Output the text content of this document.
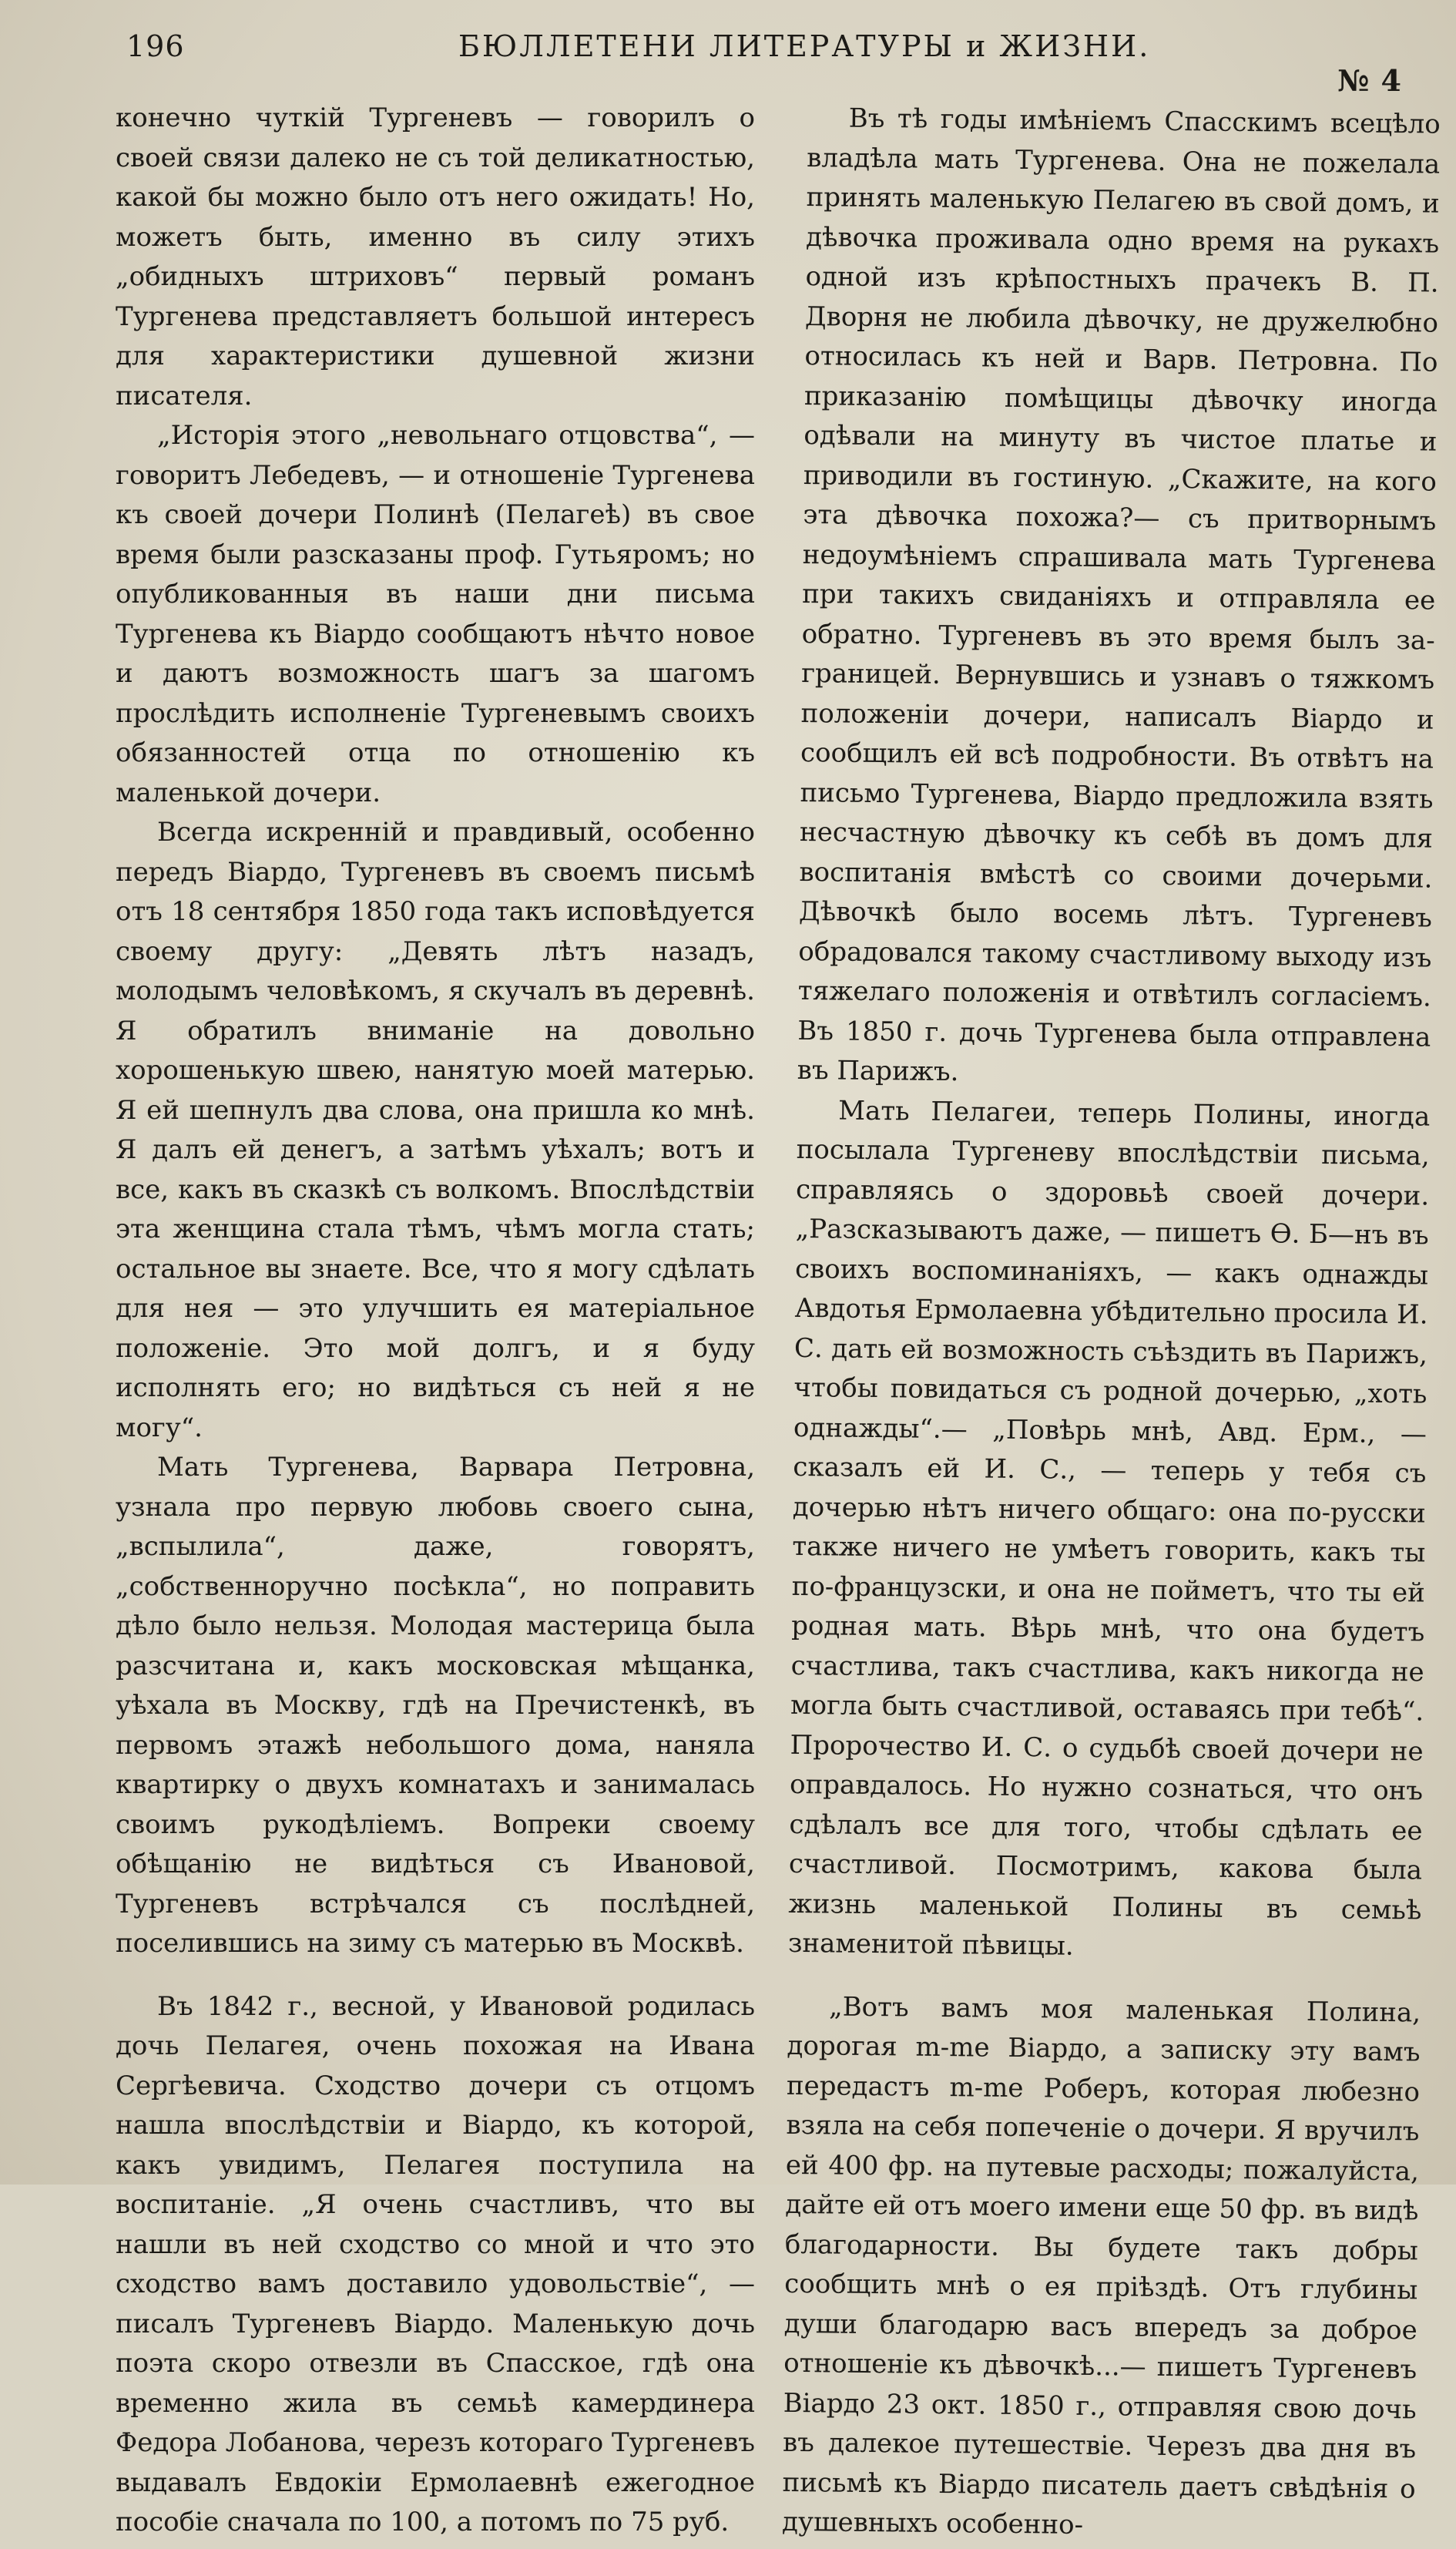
196	БЮЛЛЕТЕНИ ЛИТЕРАТУРЫ и ЖИЗНИ.
№ 4

конечно чуткій Тургеневъ — говорилъ о своей связи далеко не съ той деликатностью, какой бы можно было отъ него ожидать! Но, можетъ быть, именно въ силу этихъ „обидныхъ штриховъ“ первый романъ Тургенева представляетъ большой интересъ для характеристики душевной жизни писателя.

„Исторія этого „невольнаго отцовства“, — говоритъ Лебедевъ, — и отношеніе Тургенева къ своей дочери Полинѣ (Пелагеѣ) въ свое время были разсказаны проф. Гутьяромъ; но опубликованныя въ наши дни письма Тургенева къ Віардо сообщаютъ нѣчто новое и даютъ возможность шагъ за шагомъ прослѣдить исполненіе Тургеневымъ своихъ обязанностей отца по отношенію къ маленькой дочери.

Всегда искренній и правдивый, особенно передъ Віардо, Тургеневъ въ своемъ письмѣ отъ 18 сентября 1850 года такъ исповѣдуется своему другу: „Девять лѣтъ назадъ, молодымъ человѣкомъ, я скучалъ въ деревнѣ. Я обратилъ вниманіе на довольно хорошенькую швею, нанятую моей матерью. Я ей шепнулъ два слова, она пришла ко мнѣ. Я далъ ей денегъ, а затѣмъ уѣхалъ; вотъ и все, какъ въ сказкѣ съ волкомъ. Впослѣдствіи эта женщина стала тѣмъ, чѣмъ могла стать; остальное вы знаете. Все, что я могу сдѣлать для нея — это улучшить ея матеріальное положеніе. Это мой долгъ, и я буду исполнять его; но видѣться съ ней я не могу“.

Мать Тургенева, Варвара Петровна, узнала про первую любовь своего сына, „вспылила“, даже, говорятъ, „собственноручно посѣкла“, но поправить дѣло было нельзя. Молодая мастерица была разсчитана и, какъ московская мѣщанка, уѣхала въ Москву, гдѣ на Пречистенкѣ, въ первомъ этажѣ небольшого дома, наняла квартирку о двухъ комнатахъ и занималась своимъ рукодѣліемъ. Вопреки своему обѣщанію не видѣться съ Ивановой, Тургеневъ встрѣчался съ послѣдней, поселившись на зиму съ матерью въ Москвѣ.

Въ 1842 г., весной, у Ивановой родилась дочь Пелагея, очень похожая на Ивана Сергѣевича. Сходство дочери съ отцомъ нашла впослѣдствіи и Віардо, къ которой, какъ увидимъ, Пелагея поступила на воспитаніе. „Я очень счастливъ, что вы нашли въ ней сходство со мной и что это сходство вамъ доставило удовольствіе“, — писалъ Тургеневъ Віардо. Маленькую дочь поэта скоро отвезли въ Спасское, гдѣ она временно жила въ семьѣ камердинера Федора Лобанова, черезъ котораго Тургеневъ выдавалъ Евдокіи Ермолаевнѣ ежегодное пособіе сначала по 100, а потомъ по 75 руб.

Въ тѣ годы имѣніемъ Спасскимъ всецѣло владѣла мать Тургенева. Она не пожелала принять маленькую Пелагею въ свой домъ, и дѣвочка проживала одно время на рукахъ одной изъ крѣпостныхъ прачекъ В. П. Дворня не любила дѣвочку, не дружелюбно относилась къ ней и Варв. Петровна. По приказанію помѣщицы дѣвочку иногда одѣвали на минуту въ чистое платье и приводили въ гостиную. „Скажите, на кого эта дѣвочка похожа?— съ притворнымъ недоумѣніемъ спрашивала мать Тургенева при такихъ свиданіяхъ и отправляла ее обратно. Тургеневъ въ это время былъ за-границей. Вернувшись и узнавъ о тяжкомъ положеніи дочери, написалъ Віардо и сообщилъ ей всѣ подробности. Въ отвѣтъ на письмо Тургенева, Віардо предложила взять несчастную дѣвочку къ себѣ въ домъ для воспитанія вмѣстѣ со своими дочерьми. Дѣвочкѣ было восемь лѣтъ. Тургеневъ обрадовался такому счастливому выходу изъ тяжелаго положенія и отвѣтилъ согласіемъ. Въ 1850 г. дочь Тургенева была отправлена въ Парижъ.

Мать Пелагеи, теперь Полины, иногда посылала Тургеневу впослѣдствіи письма, справляясь о здоровьѣ своей дочери. „Разсказываютъ даже, — пишетъ Ѳ. Б—нъ въ своихъ воспоминаніяхъ, — какъ однажды Авдотья Ермолаевна убѣдительно просила И. С. дать ей возможность съѣздить въ Парижъ, чтобы повидаться съ родной дочерью, „хоть однажды“.— „Повѣрь мнѣ, Авд. Ерм., — сказалъ ей И. С., — теперь у тебя съ дочерью нѣтъ ничего общаго: она по-русски также ничего не умѣетъ говорить, какъ ты по-французски, и она не пойметъ, что ты ей родная мать. Вѣрь мнѣ, что она будетъ счастлива, такъ счастлива, какъ никогда не могла быть счастливой, оставаясь при тебѣ“. Пророчество И. С. о судьбѣ своей дочери не оправдалось. Но нужно сознаться, что онъ сдѣлалъ все для того, чтобы сдѣлать ее счастливой. Посмотримъ, какова была жизнь маленькой Полины въ семьѣ знаменитой пѣвицы.

„Вотъ вамъ моя маленькая Полина, дорогая m-me Віардо, а записку эту вамъ передастъ m-me Роберъ, которая любезно взяла на себя попеченіе о дочери. Я вручилъ ей 400 фр. на путевые расходы; пожалуйста, дайте ей отъ моего имени еще 50 фр. въ видѣ благодарности. Вы будете такъ добры сообщить мнѣ о ея пріѣздѣ. Отъ глубины души благодарю васъ впередъ за доброе отношеніе къ дѣвочкѣ...— пишетъ Тургеневъ Віардо 23 окт. 1850 г., отправляя свою дочь въ далекое путешествіе. Черезъ два дня въ письмѣ къ Віардо писатель даетъ свѣдѣнія о душевныхъ особенно-
